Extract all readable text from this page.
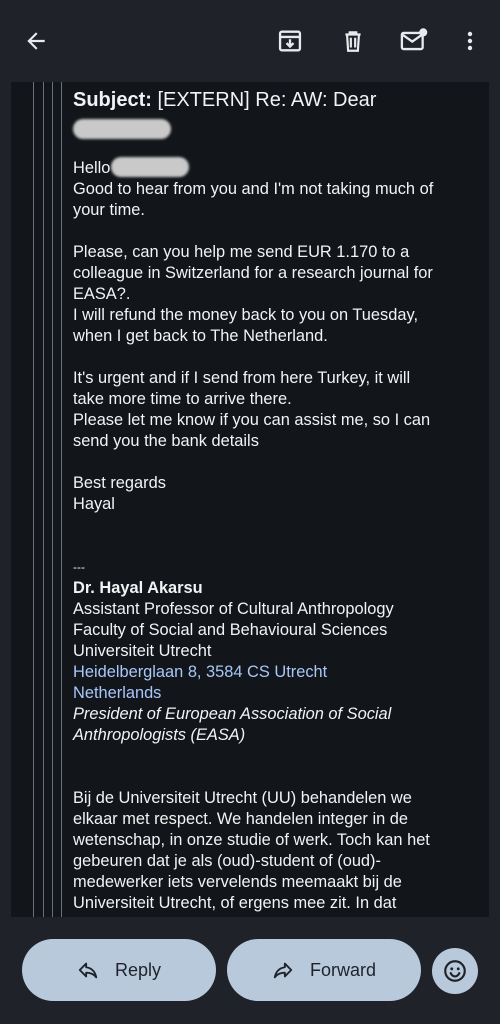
Subject: [EXTERN] Re: AW: Dear

Hello

Good to hear from you and I'm not taking much of

your time.

Please, can you help me send EUR 1.170 to a

colleague in Switzerland for a research journal for

EASA?.

I will refund the money back to you on Tuesday,

when I get back to The Netherland.

It's urgent and if I send from here Turkey, it will

take more time to arrive there.

Please let me know if you can assist me, so I can

send you the bank details

Best regards

Hayal

---

Dr. Hayal Akarsu

Assistant Professor of Cultural Anthropology

Faculty of Social and Behavioural Sciences

Universiteit Utrecht

Heidelberglaan 8, 3584 CS Utrecht

Netherlands

President of European Association of Social

Anthropologists (EASA)

Bij de Universiteit Utrecht (UU) behandelen we

elkaar met respect. We handelen integer in de

wetenschap, in onze studie of werk. Toch kan het

gebeuren dat je als (oud)-student of (oud)-

medewerker iets vervelends meemaakt bij de

Universiteit Utrecht, of ergens mee zit. In dat

Reply	Forward
